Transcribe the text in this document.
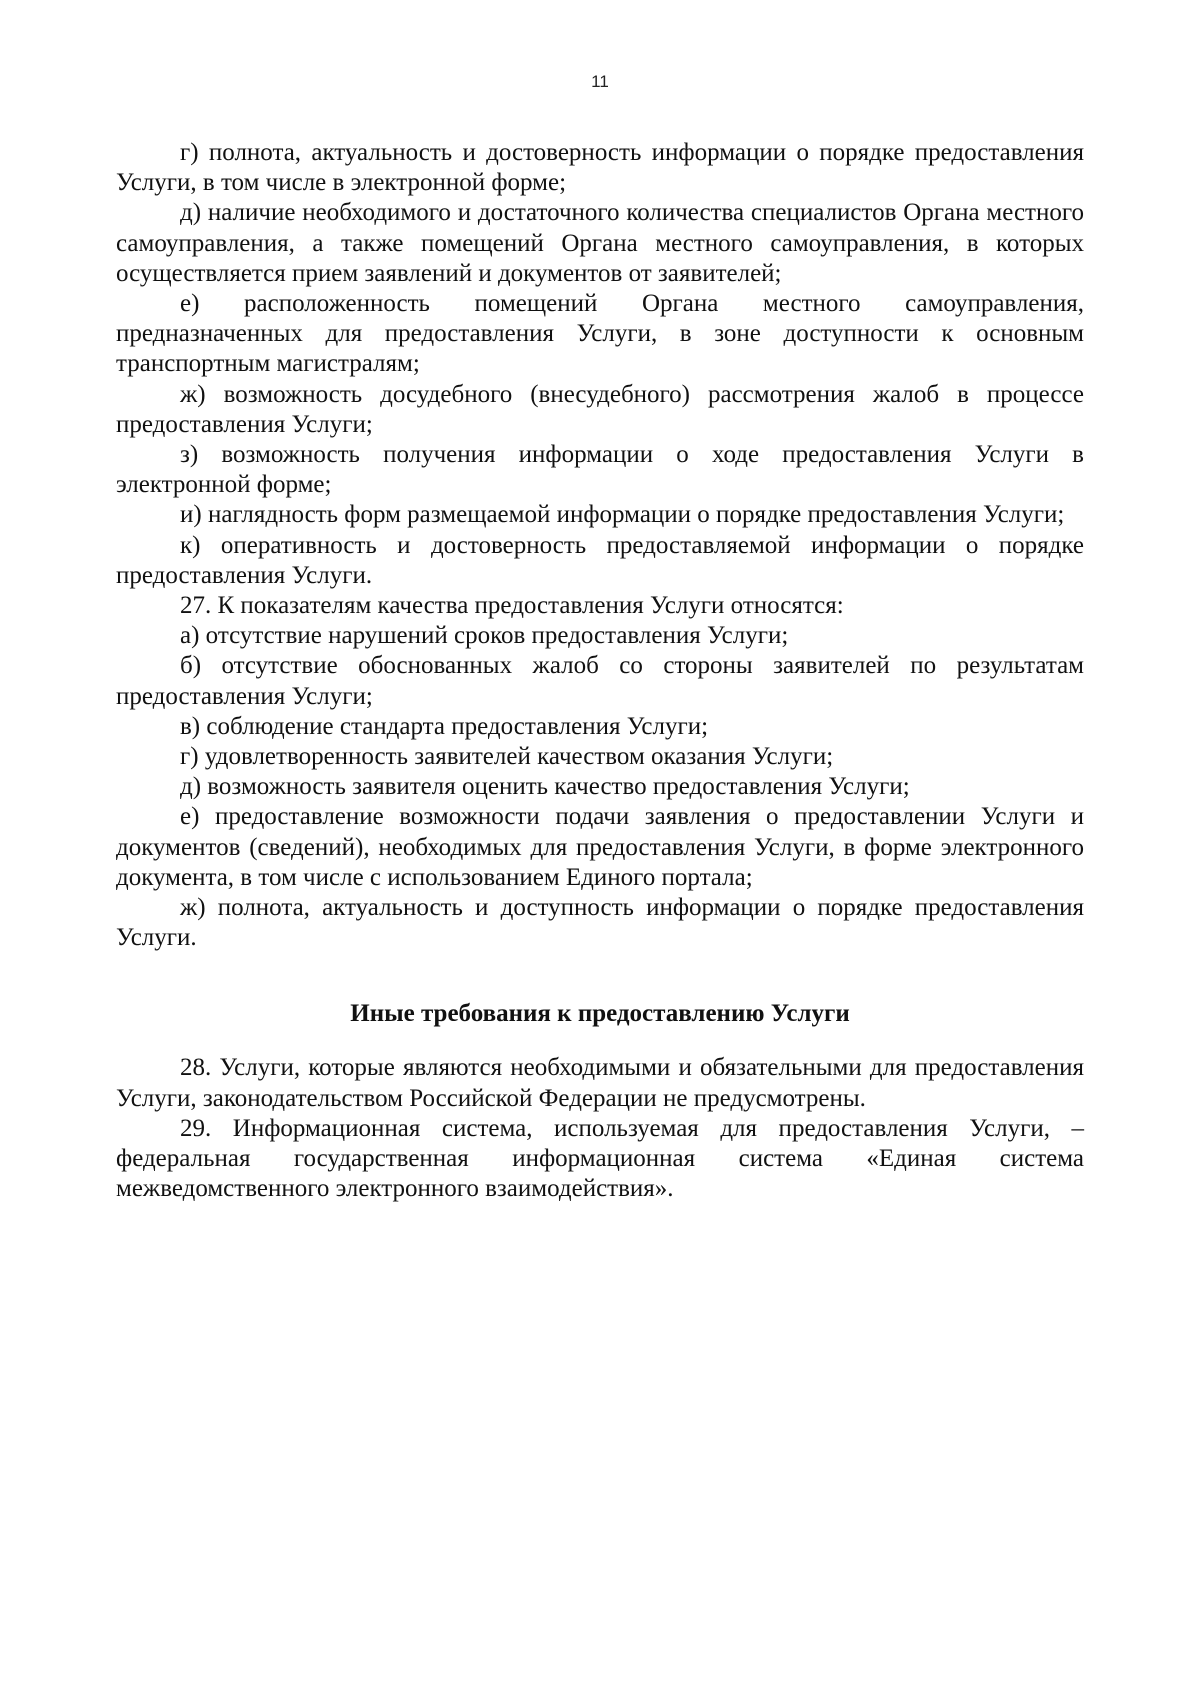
11

г) полнота, актуальность и достоверность информации о порядке предоставления Услуги, в том числе в электронной форме;

д) наличие необходимого и достаточного количества специалистов Органа местного самоуправления, а также помещений Органа местного самоуправления, в которых осуществляется прием заявлений и документов от заявителей;

е) расположенность помещений Органа местного самоуправления, предназначенных для предоставления Услуги, в зоне доступности к основным транспортным магистралям;

ж) возможность досудебного (внесудебного) рассмотрения жалоб в процессе предоставления Услуги;

з) возможность получения информации о ходе предоставления Услуги в электронной форме;

и) наглядность форм размещаемой информации о порядке предоставления Услуги;

к) оперативность и достоверность предоставляемой информации о порядке предоставления Услуги.

27. К показателям качества предоставления Услуги относятся:

а) отсутствие нарушений сроков предоставления Услуги;

б) отсутствие обоснованных жалоб со стороны заявителей по результатам предоставления Услуги;

в) соблюдение стандарта предоставления Услуги;

г) удовлетворенность заявителей качеством оказания Услуги;

д) возможность заявителя оценить качество предоставления Услуги;

е) предоставление возможности подачи заявления о предоставлении Услуги и документов (сведений), необходимых для предоставления Услуги, в форме электронного документа, в том числе с использованием Единого портала;

ж) полнота, актуальность и доступность информации о порядке предоставления Услуги.

Иные требования к предоставлению Услуги

28. Услуги, которые являются необходимыми и обязательными для предоставления Услуги, законодательством Российской Федерации не предусмотрены.

29. Информационная система, используемая для предоставления Услуги, – федеральная государственная информационная система «Единая система межведомственного электронного взаимодействия».
